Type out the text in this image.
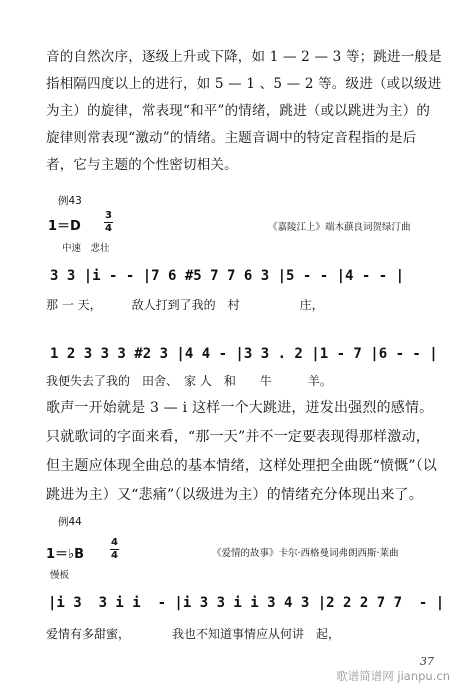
音的自然次序，逐级上升或下降，如 1 — 2 — 3 等；跳进一般是指相隔四度以上的进行，如 5 — 1 、5 — 2 等。级进（或以级进为主）的旋律，常表现“和平”的情绪，跳进（或以跳进为主）的旋律则常表现“激动”的情绪。主题音调中的特定音程指的是后者，它与主题的个性密切相关。
例43
1＝D
3
4	《嘉陵江上》端木蕻良词贺绿汀曲
中速　悲壮
3 3 |i - - |7 6 #5 7 7 6 3 |5 - - |4 - - |
那 一 天，　　　敌人打到了我的　村　　　　　庄，
1 2 3 3 3 #2 3 |4 4 - |3 3 . 2 |1 - 7 |6 - - |
我便失去了我的　田舍、　家 人　和　　牛　　　羊。
歌声一开始就是 3 — i 这样一个大跳进，迸发出强烈的感情。只就歌词的字面来看，“那一天”并不一定要表现得那样激动，但主题应体现全曲总的基本情绪，这样处理把全曲既“愤慨”（以跳进为主）又“悲痛”（以级进为主）的情绪充分体现出来了。
例44
1＝♭B
4
4	《爱情的故事》卡尔·西格曼词弗朗西斯·莱曲
慢板
|i 3  3 i i  - |i 3 3 i i 3 4 3 |2 2 2 7 7  - |
爱情有多甜蜜，　　　　我也不知道事情应从何讲　起，
37
歌谱简谱网 jianpu.cn
